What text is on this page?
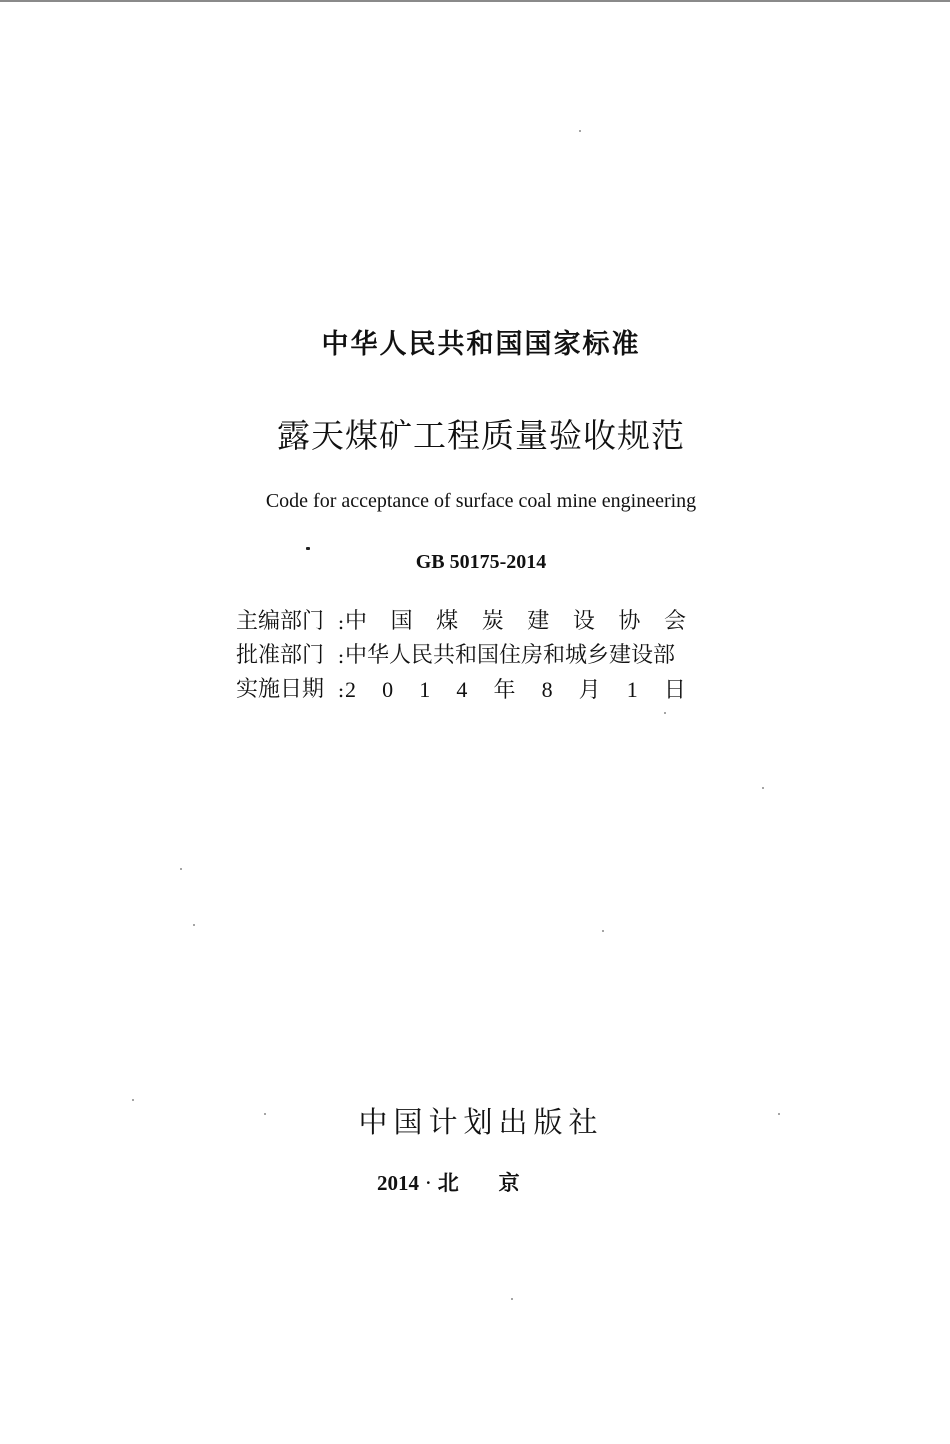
中华人民共和国国家标准
露天煤矿工程质量验收规范
Code for acceptance of surface coal mine engineering
GB 50175-2014
主编部门 : 中 国 煤 炭 建 设 协 会
批准部门 : 中华人民共和国住房和城乡建设部
实施日期 : 2 0 1 4 年 8 月 1 日
中国计划出版社
2014 · 北京
